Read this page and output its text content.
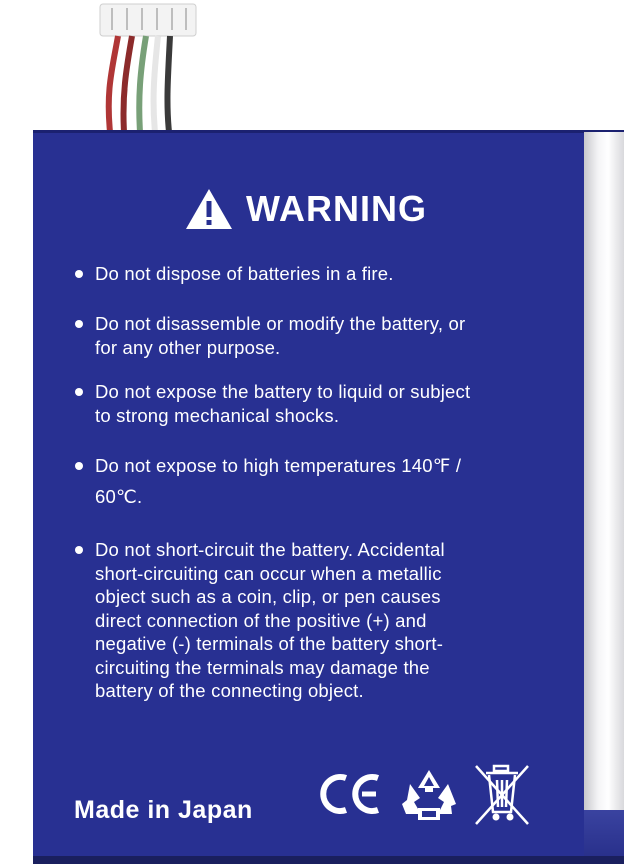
WARNING
Do not dispose of batteries in a fire.
Do not disassemble or modify the battery, or
for any other purpose.
Do not expose the battery to liquid or subject
to strong mechanical shocks.
Do not expose to high temperatures 140℉ /
60℃.
Do not short-circuit the battery. Accidental
short-circuiting can occur when a metallic
object such as a coin, clip, or pen causes
direct connection of the positive (+) and
negative (-) terminals of the battery short-
circuiting the terminals may damage the
battery of the connecting object.
Made in Japan
